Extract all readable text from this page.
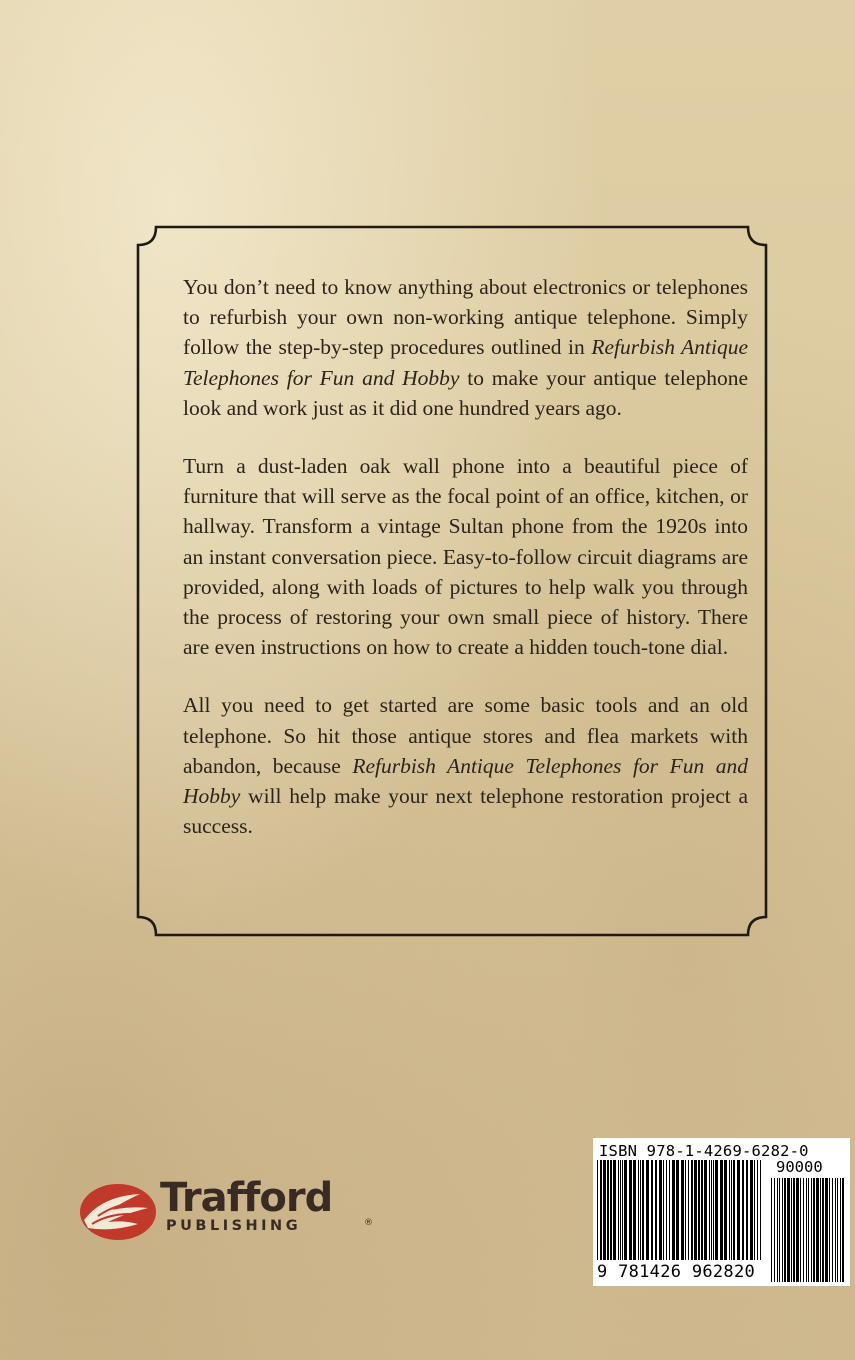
You don’t need to know anything about electronics or telephones to refurbish your own non-working antique telephone. Simply follow the step-by-step procedures outlined in Refurbish Antique Telephones for Fun and Hobby to make your antique telephone look and work just as it did one hundred years ago.

Turn a dust-laden oak wall phone into a beautiful piece of furniture that will serve as the focal point of an office, kitchen, or hallway. Transform a vintage Sultan phone from the 1920s into an instant conversation piece. Easy-to-follow circuit diagrams are provided, along with loads of pictures to help walk you through the process of restoring your own small piece of history. There are even instructions on how to create a hidden touch-tone dial.

All you need to get started are some basic tools and an old telephone. So hit those antique stores and flea markets with abandon, because Refurbish Antique Telephones for Fun and Hobby will help make your next telephone restoration project a success.

Trafford
PUBLISHING	®
ISBN 978-1-4269-6282-0
90000
9 781426 962820
